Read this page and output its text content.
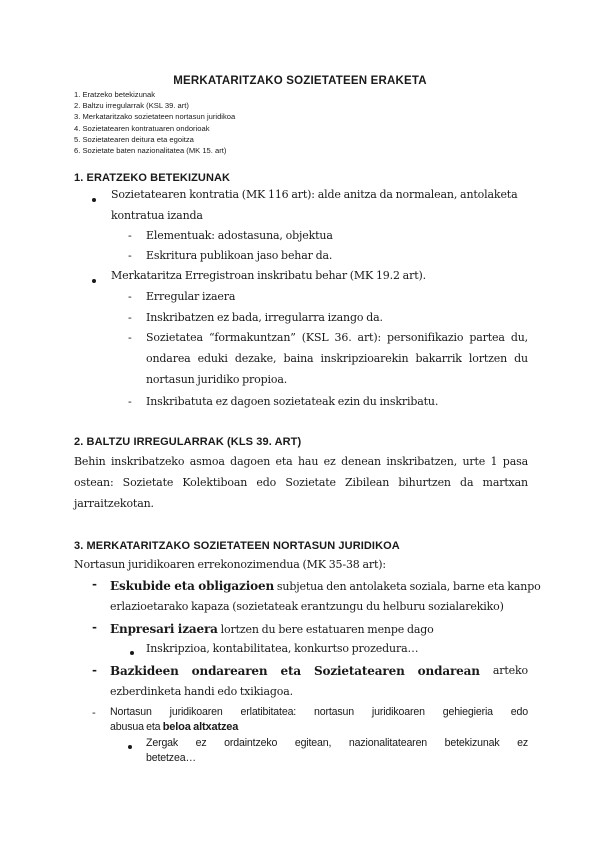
MERKATARITZAKO SOZIETATEEN ERAKETA
1. Eratzeko betekizunak
2. Baltzu irregularrak (KSL 39. art)
3. Merkataritzako sozietateen nortasun juridikoa
4. Sozietatearen kontratuaren ondorioak
5. Sozietatearen deitura eta egoitza
6. Sozietate baten nazionalitatea (MK 15. art)
1. ERATZEKO BETEKIZUNAK
Sozietatearen kontratia (MK 116 art): alde anitza da normalean, antolaketa
kontratua izanda
- Elementuak: adostasuna, objektua
- Eskritura publikoan jaso behar da.
Merkataritza Erregistroan inskribatu behar (MK 19.2 art).
- Erregular izaera
- Inskribatzen ez bada, irregularra izango da.
- Sozietatea “formakuntzan” (KSL 36. art): personifikazio partea du,
ondarea eduki dezake, baina inskripzioarekin bakarrik lortzen du
nortasun juridiko propioa.
- Inskribatuta ez dagoen sozietateak ezin du inskribatu.
2. BALTZU IRREGULARRAK (KLS 39. ART)
Behin inskribatzeko asmoa dagoen eta hau ez denean inskribatzen, urte 1 pasa
ostean: Sozietate Kolektiboan edo Sozietate Zibilean bihurtzen da martxan
jarraitzekotan.
3. MERKATARITZAKO SOZIETATEEN NORTASUN JURIDIKOA
Nortasun juridikoaren errekonozimendua (MK 35-38 art):
- Eskubide eta obligazioen subjetua den antolaketa soziala, barne eta kanpo
erlazioetarako kapaza (sozietateak erantzungu du helburu sozialarekiko)
- Enpresari izaera lortzen du bere estatuaren menpe dago
Inskripzioa, kontabilitatea, konkurtso prozedura…
- Bazkideen ondarearen eta Sozietatearen ondarean arteko
ezberdinketa handi edo txikiagoa.
- Nortasun juridikoaren erlatibitatea: nortasun juridikoaren gehiegieria edo
abusua eta beloa altxatzea
Zergak ez ordaintzeko egitean, nazionalitatearen betekizunak ez
betetzea…
